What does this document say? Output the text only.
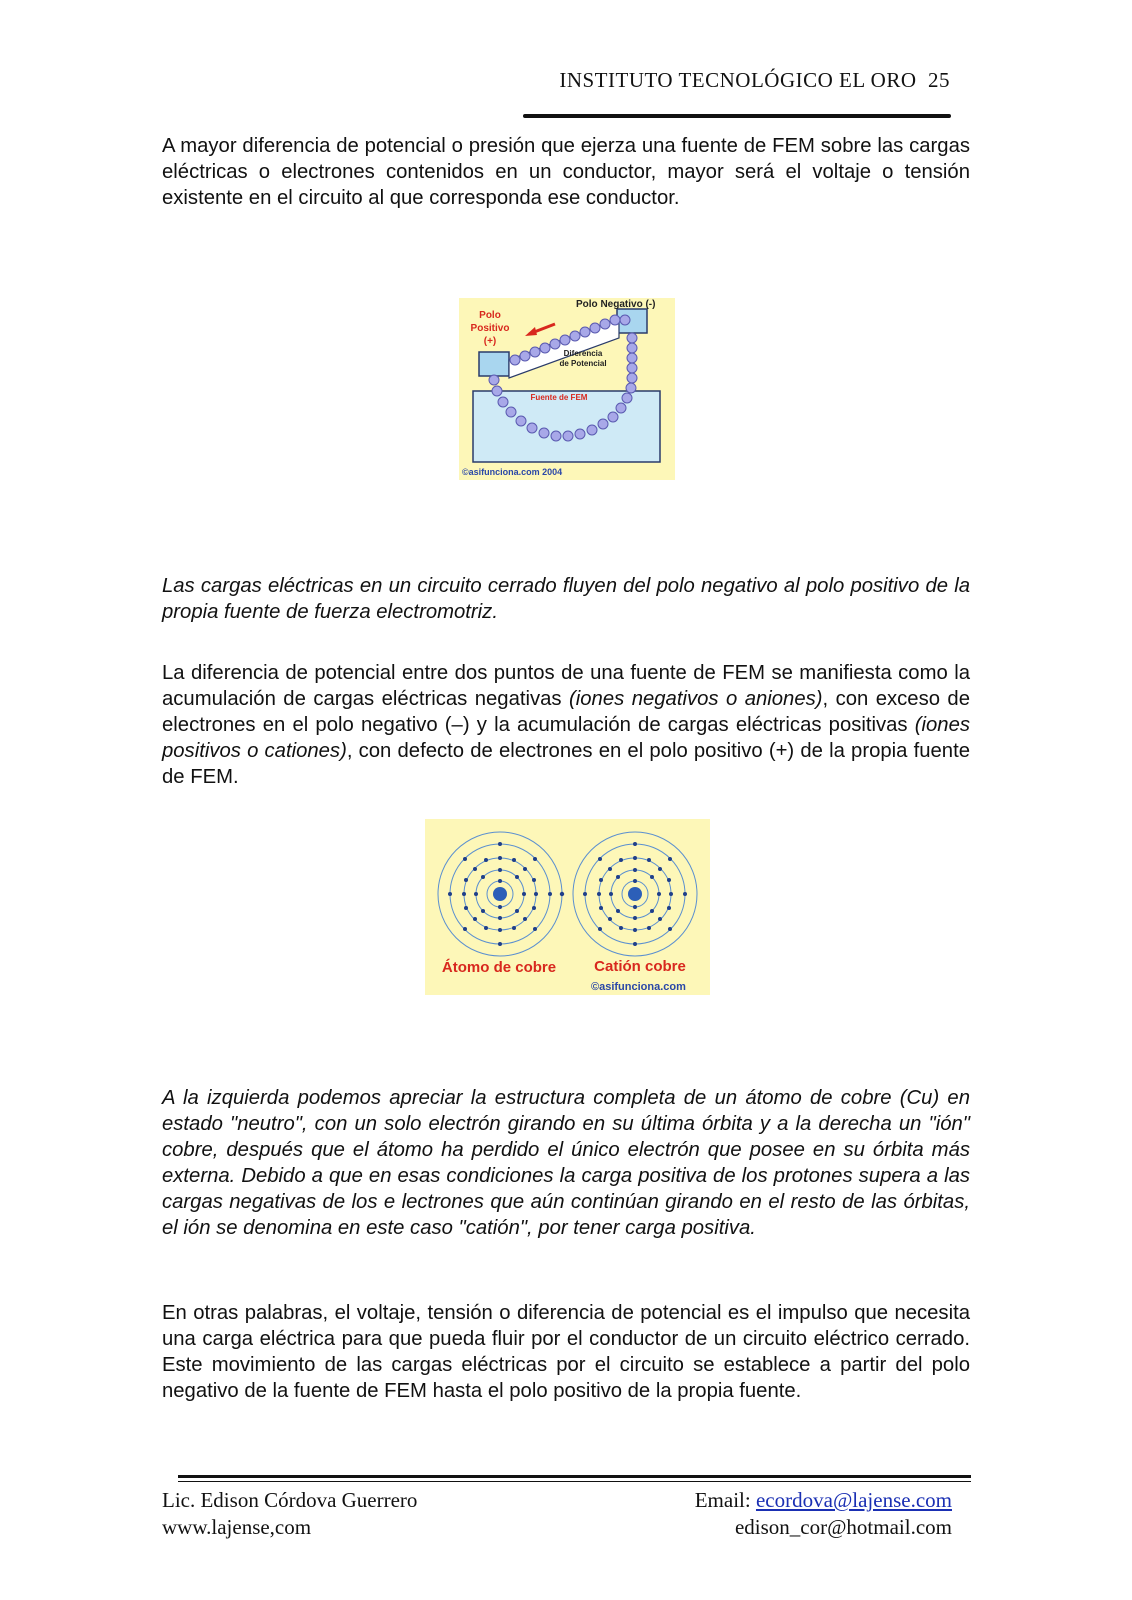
INSTITUTO TECNOLÓGICO EL ORO 25

A mayor diferencia de potencial o presión que ejerza una fuente de FEM sobre las cargas eléctricas o electrones contenidos en un conductor, mayor será el voltaje o tensión existente en el circuito al que corresponda ese conductor.

Polo Negativo (-)
Polo
Positivo
(+)
Diferencia
de Potencial
Fuente de FEM
©asifunciona.com 2004

Las cargas eléctricas en un circuito cerrado fluyen del polo negativo al polo positivo de la propia fuente de fuerza electromotriz.

La diferencia de potencial entre dos puntos de una fuente de FEM se manifiesta como la acumulación de cargas eléctricas negativas (iones negativos o aniones), con exceso de electrones en el polo negativo (–) y la acumulación de cargas eléctricas positivas (iones positivos o cationes), con defecto de electrones en el polo positivo (+) de la propia fuente de FEM.

Átomo de cobre	Catión cobre
©asifunciona.com

A la izquierda podemos apreciar la estructura completa de un átomo de cobre (Cu) en estado "neutro", con un solo electrón girando en su última órbita y a la derecha un "ión" cobre, después que el átomo ha perdido el único electrón que posee en su órbita más externa. Debido a que en esas condiciones la carga positiva de los protones supera a las cargas negativas de los e lectrones que aún continúan girando en el resto de las órbitas, el ión se denomina en este caso "catión", por tener carga positiva.

En otras palabras, el voltaje, tensión o diferencia de potencial es el impulso que necesita una carga eléctrica para que pueda fluir por el conductor de un circuito eléctrico cerrado. Este movimiento de las cargas eléctricas por el circuito se establece a partir del polo negativo de la fuente de FEM hasta el polo positivo de la propia fuente.

Lic. Edison Córdova Guerrero
www.lajense,com
Email: ecordova@lajense.com
edison_cor@hotmail.com
